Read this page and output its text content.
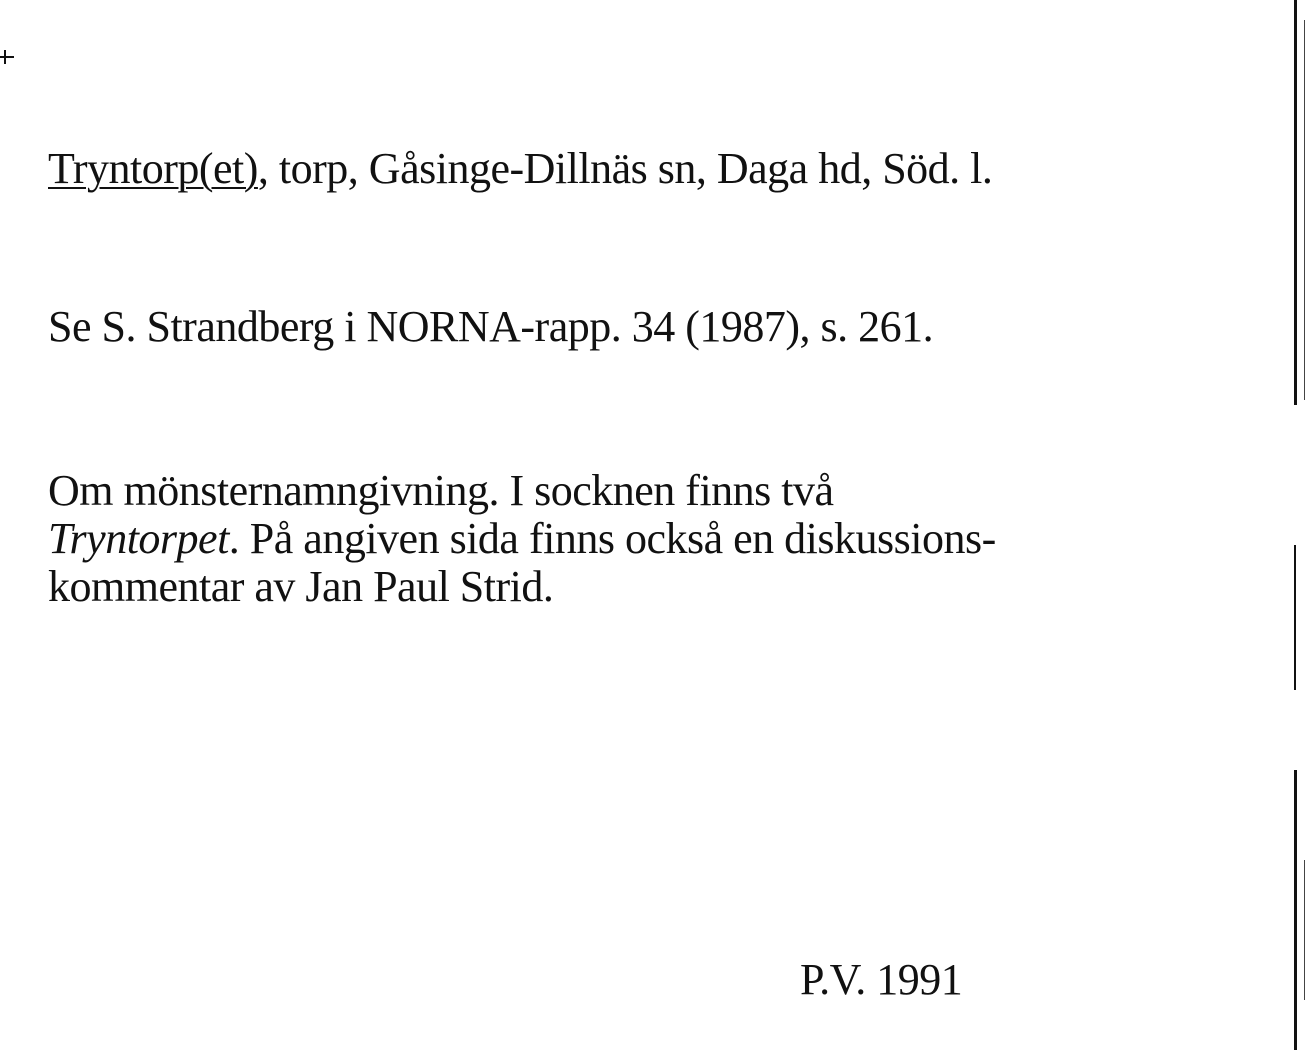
Tryntorp(et), torp, Gåsinge-Dillnäs sn, Daga hd, Söd. l.
Se S. Strandberg i NORNA-rapp. 34 (1987), s. 261.
Om mönsternamngivning. I socknen finns två
Tryntorpet. På angiven sida finns också en diskussions-
kommentar av Jan Paul Strid.
P.V. 1991
